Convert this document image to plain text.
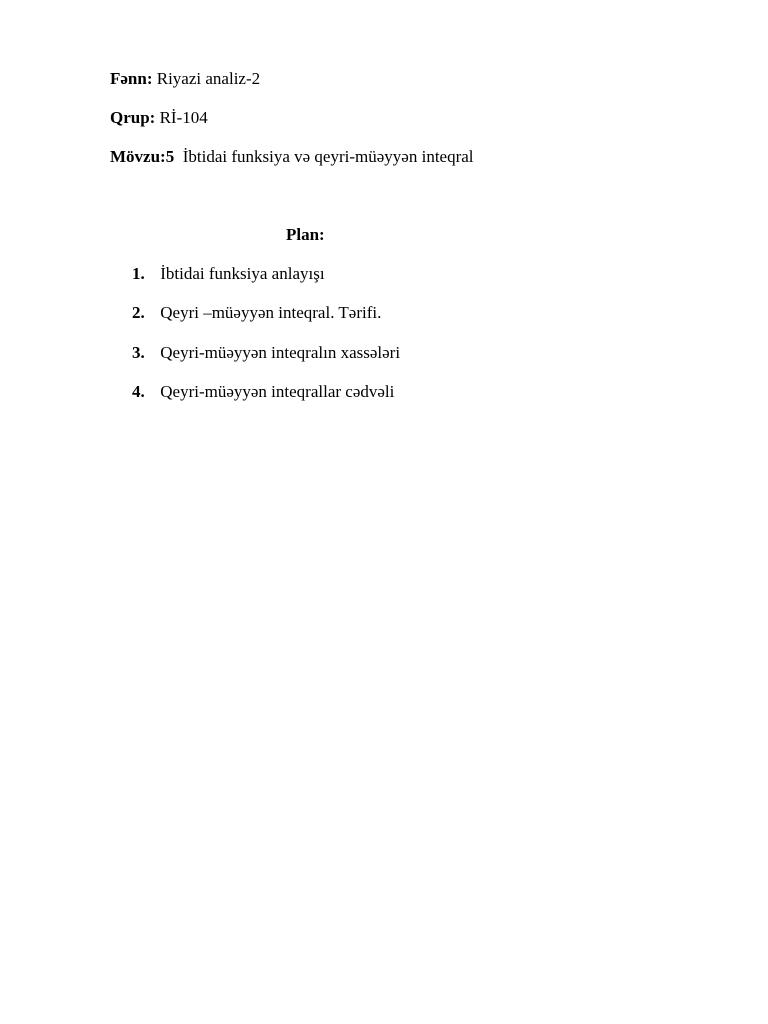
Fənn: Riyazi analiz-2
Qrup: Rİ-104
Mövzu:5 İbtidai funksiya və qeyri-müəyyən inteqral
Plan:
1. İbtidai funksiya anlayışı
2. Qeyri –müəyyən inteqral. Tərifi.
3. Qeyri-müəyyən inteqralın xassələri
4. Qeyri-müəyyən inteqrallar cədvəli
